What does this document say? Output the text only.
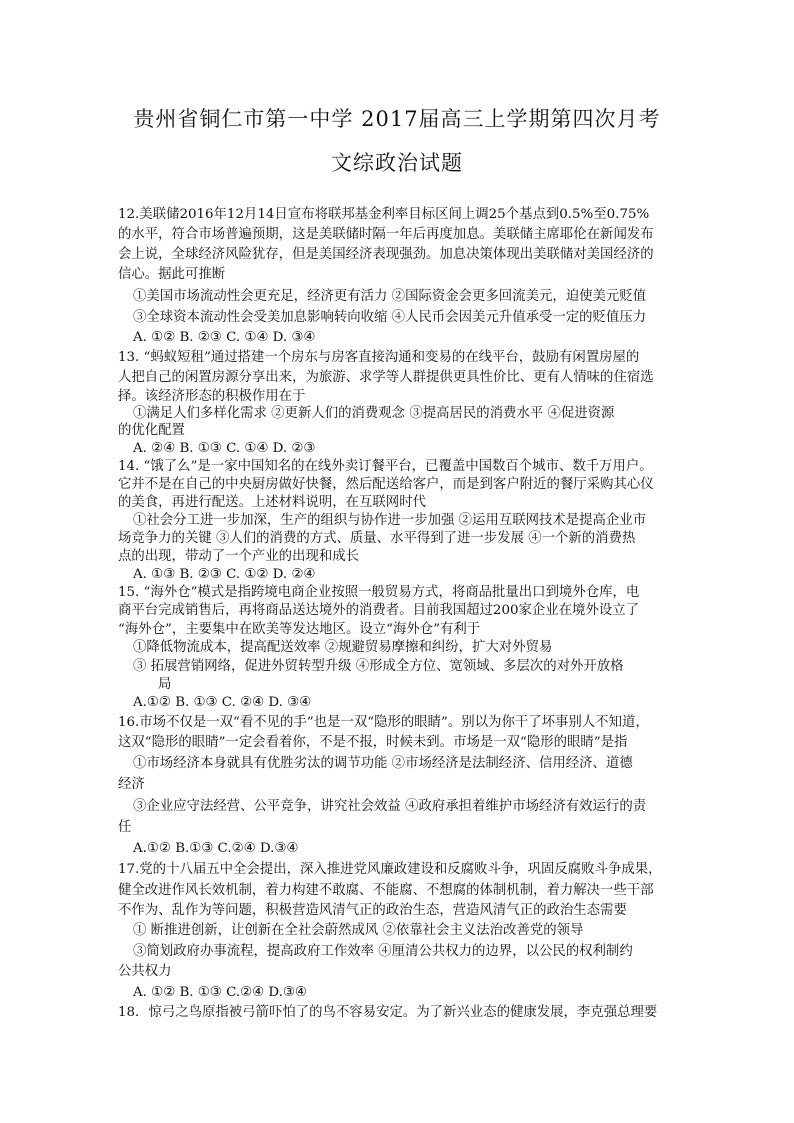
贵州省铜仁市第一中学 2017届高三上学期第四次月考
文综政治试题
12.美联储2016年12月14日宣布将联邦基金利率目标区间上调25个基点到0.5%至0.75%
的水平，符合市场普遍预期，这是美联储时隔一年后再度加息。美联储主席耶伦在新闻发布
会上说，全球经济风险犹存，但是美国经济表现强劲。加息决策体现出美联储对美国经济的
信心。据此可推断
①美国市场流动性会更充足，经济更有活力 ②国际资金会更多回流美元，迫使美元贬值
③全球资本流动性会受美加息影响转向收缩 ④人民币会因美元升值承受一定的贬值压力
A. ①② B. ②③ C. ①④ D. ③④
13. “蚂蚁短租”通过搭建一个房东与房客直接沟通和变易的在线平台，鼓励有闲置房屋的
人把自己的闲置房源分享出来，为旅游、求学等人群提供更具性价比、更有人情味的住宿选
择。该经济形态的积极作用在于
①满足人们多样化需求 ②更新人们的消费观念 ③提高居民的消费水平 ④促进资源
的优化配置
A. ②④ B. ①③ C. ①④ D. ②③
14. “饿了么”是一家中国知名的在线外卖订餐平台，已覆盖中国数百个城市、数千万用户。
它并不是在自己的中央厨房做好快餐，然后配送给客户，而是到客户附近的餐厅采购其心仪
的美食，再进行配送。上述材料说明，在互联网时代
①社会分工进一步加深，生产的组织与协作进一步加强 ②运用互联网技术是提高企业市
场竞争力的关键 ③人们的消费的方式、质量、水平得到了进一步发展 ④一个新的消费热
点的出现，带动了一个产业的出现和成长
A. ①③ B. ②③ C. ①② D. ②④
15. “海外仓”模式是指跨境电商企业按照一般贸易方式，将商品批量出口到境外仓库，电
商平台完成销售后，再将商品送达境外的消费者。目前我国超过200家企业在境外设立了
“海外仓”，主要集中在欧美等发达地区。设立“海外仓”有利于
①降低物流成本，提高配送效率 ②规避贸易摩擦和纠纷，扩大对外贸易
③ 拓展营销网络，促进外贸转型升级 ④形成全方位、宽领域、多层次的对外开放格
局
A.①② B. ①③ C. ②④ D. ③④
16.市场不仅是一双“看不见的手”也是一双“隐形的眼睛”。别以为你干了坏事别人不知道，
这双“隐形的眼睛”一定会看着你，不是不报，时候未到。市场是一双“隐形的眼睛”是指
①市场经济本身就具有优胜劣汰的调节功能 ②市场经济是法制经济、信用经济、道德
经济
③企业应守法经营、公平竞争，讲究社会效益 ④政府承担着维护市场经济有效运行的责
任
A.①② B.①③ C.②④ D.③④
17.党的十八届五中全会提出，深入推进党风廉政建设和反腐败斗争，巩固反腐败斗争成果，
健全改进作风长效机制，着力构建不敢腐、不能腐、不想腐的体制机制，着力解决一些干部
不作为、乱作为等问题，积极营造风清气正的政治生态，营造风清气正的政治生态需要
① 断推进创新，让创新在全社会蔚然成风 ②依靠社会主义法治改善党的领导
③简划政府办事流程，提高政府工作效率 ④厘清公共权力的边界，以公民的权利制约
公共权力
A. ①② B. ①③ C.②④ D.③④
18．惊弓之鸟原指被弓箭吓怕了的鸟不容易安定。为了新兴业态的健康发展，李克强总理要
